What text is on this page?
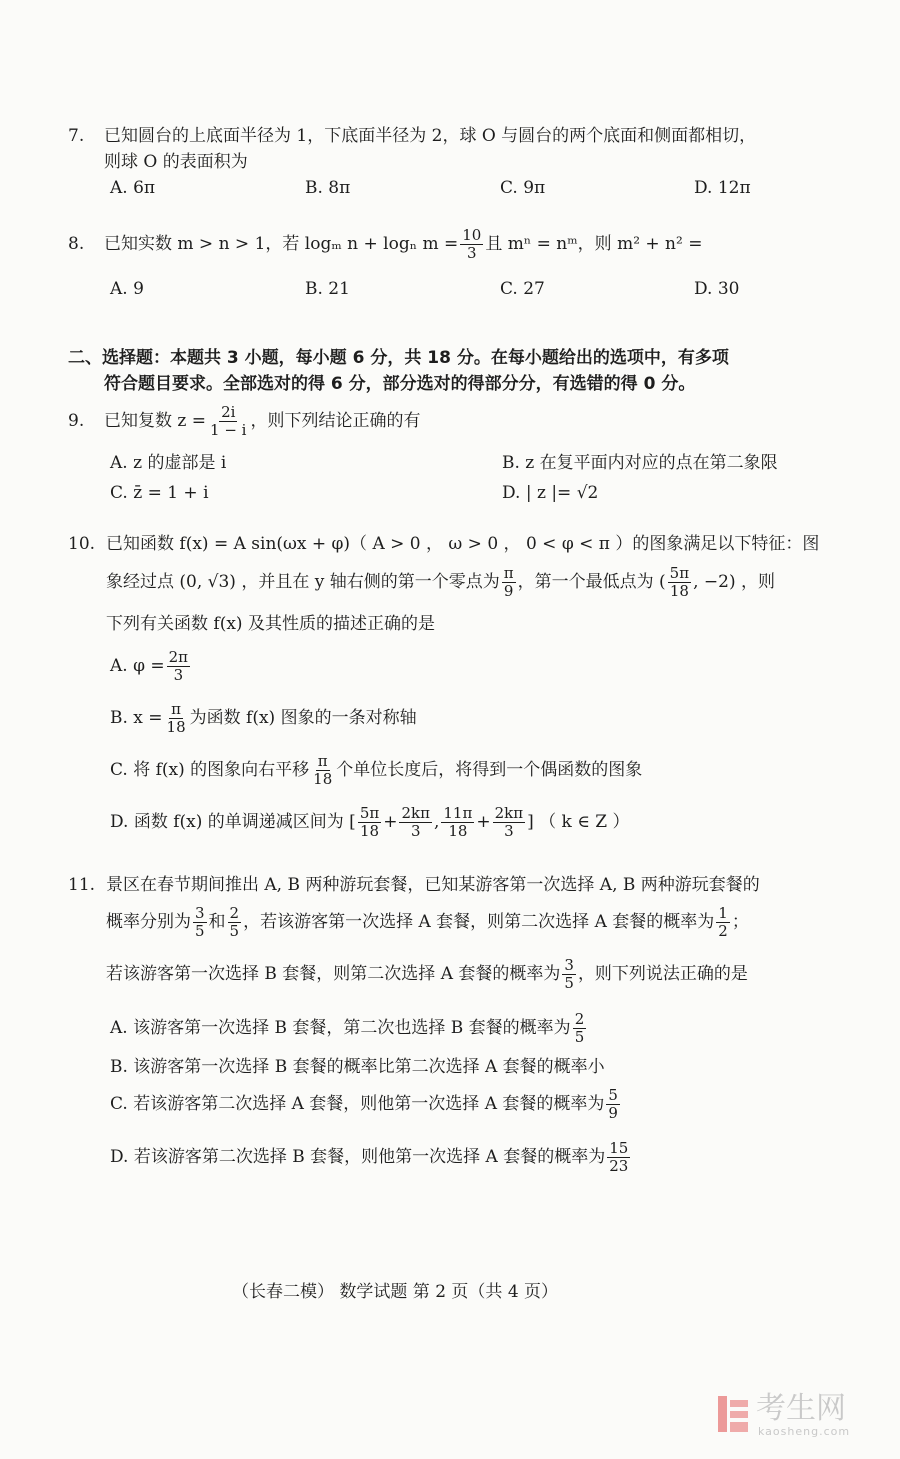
7. 已知圆台的上底面半径为 1，下底面半径为 2，球 O 与圆台的两个底面和侧面都相切，
则球 O 的表面积为
A. 6π	B. 8π	C. 9π	D. 12π
8.	已知实数 m > n > 1，若 logₘ n + logₙ $m = \frac{10}{3}$ 且 mⁿ = nᵐ，则 m² + n² =
A. 9	B. 21	C. 27	D. 30
二、选择题：本题共 3 小题，每小题 6 分，共 18 分。在每小题给出的选项中，有多项
符合题目要求。全部选对的得 6 分，部分选对的得部分分，有选错的得 0 分。
9.	已知复数 $z = \frac{2i}{1 - i}$ ，则下列结论正确的有
A. z 的虚部是 i	B. z 在复平面内对应的点在第二象限
C. z̄ = 1 + i	D. | z |= √2
10. 已知函数 f(x) = A sin(ωx + φ)（ A > 0 ， ω > 0 ， 0 < φ < π ）的图象满足以下特征：图
象经过点 (0, √3) ，并且在 y 轴右侧的第一个零点为 $\frac{\pi}{9}$ ，第一个最低点为 ( $\frac{5\pi}{18}$ , −2) ，则
下列有关函数 f(x) 及其性质的描述正确的是
A. $\varphi = \frac{2\pi}{3}$
B. $x = \frac{\pi}{18}$ 为函数 f(x) 图象的一条对称轴
C. 将 f(x) 的图象向右平移 $\frac{\pi}{18}$ 个单位长度后，将得到一个偶函数的图象
D. 函数 f(x) 的单调递减区间为 [ $\frac{5\pi}{18} + \frac{2k\pi}{3}$ , $\frac{11\pi}{18} + \frac{2k\pi}{3}$ ] （ k ∈ Z ）
11. 景区在春节期间推出 A, B 两种游玩套餐，已知某游客第一次选择 A, B 两种游玩套餐的
概率分别为 $\frac{3}{5}$ 和 $\frac{2}{5}$ ，若该游客第一次选择 A 套餐，则第二次选择 A 套餐的概率为 $\frac{1}{2}$ ；
若该游客第一次选择 B 套餐，则第二次选择 A 套餐的概率为 $\frac{3}{5}$ ，则下列说法正确的是
A. 该游客第一次选择 B 套餐，第二次也选择 B 套餐的概率为 $\frac{2}{5}$
B. 该游客第一次选择 B 套餐的概率比第二次选择 A 套餐的概率小
C. 若该游客第二次选择 A 套餐，则他第一次选择 A 套餐的概率为 $\frac{5}{9}$
D. 若该游客第二次选择 B 套餐，则他第一次选择 A 套餐的概率为 $\frac{15}{23}$
（长春二模） 数学试题 第 2 页（共 4 页）
考生网
kaosheng.com
